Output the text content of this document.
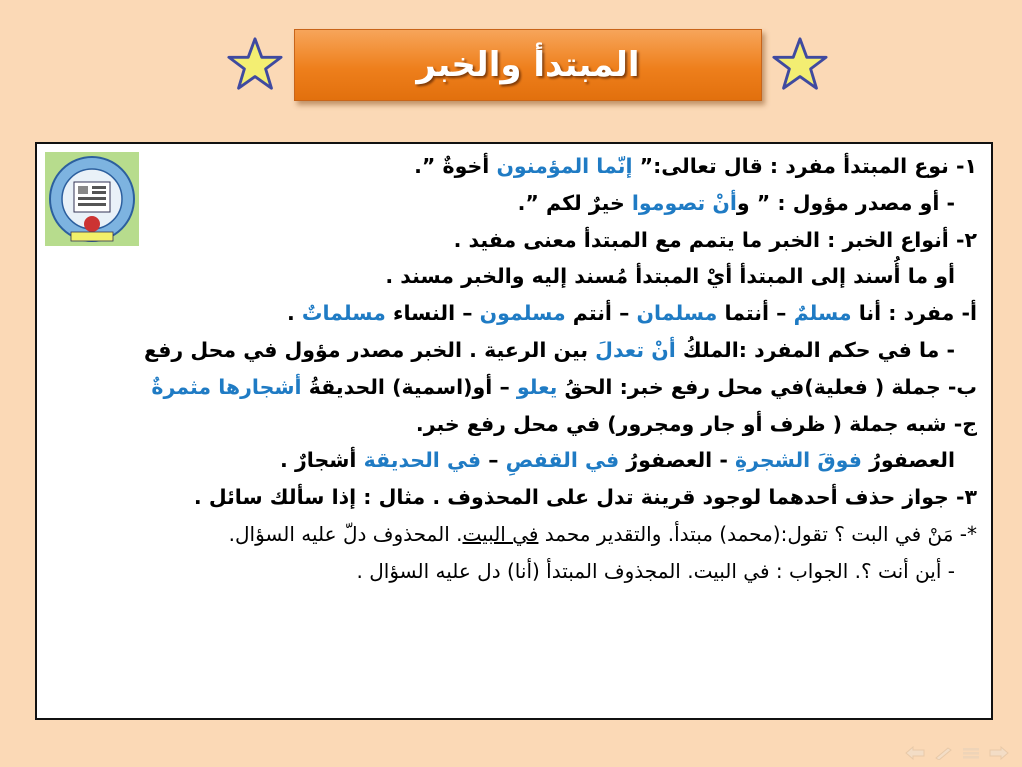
المبتدأ والخبر
١- نوع المبتدأ مفرد : قال تعالى:” إنّما المؤمنون أخوةٌ ”.
- أو مصدر مؤول : ” وأنْ تصوموا خيرٌ لكم ”.
٢- أنواع الخبر : الخبر ما يتمم مع المبتدأ معنى مفيد .
أو ما أُسند إلى المبتدأ أيْ المبتدأ مُسند إليه والخبر مسند .
أ- مفرد : أنا مسلمٌ – أنتما مسلمان – أنتم مسلمون – النساء مسلماتٌ .
- ما في حكم المفرد :الملكُ أنْ تعدلَ بين الرعية . الخبر مصدر مؤول في محل رفع
ب- جملة ( فعلية)في محل رفع خبر: الحقُ يعلو – أو(اسمية) الحديقةُ أشجارها مثمرةٌ
ج- شبه جملة ( ظرف أو جار ومجرور) في محل رفع خبر.
العصفورُ فوقَ الشجرةِ - العصفورُ في القفصِ – في الحديقة أشجارٌ .
٣- جواز حذف أحدهما لوجود قرينة تدل على المحذوف . مثال : إذا سألك سائل .
*- مَنْ في البت ؟ تقول:(محمد) مبتدأ. والتقدير محمد في البيت. المحذوف دلّ عليه السؤال.
- أين أنت ؟. الجواب : في البيت. المجذوف المبتدأ (أنا) دل عليه السؤال .
